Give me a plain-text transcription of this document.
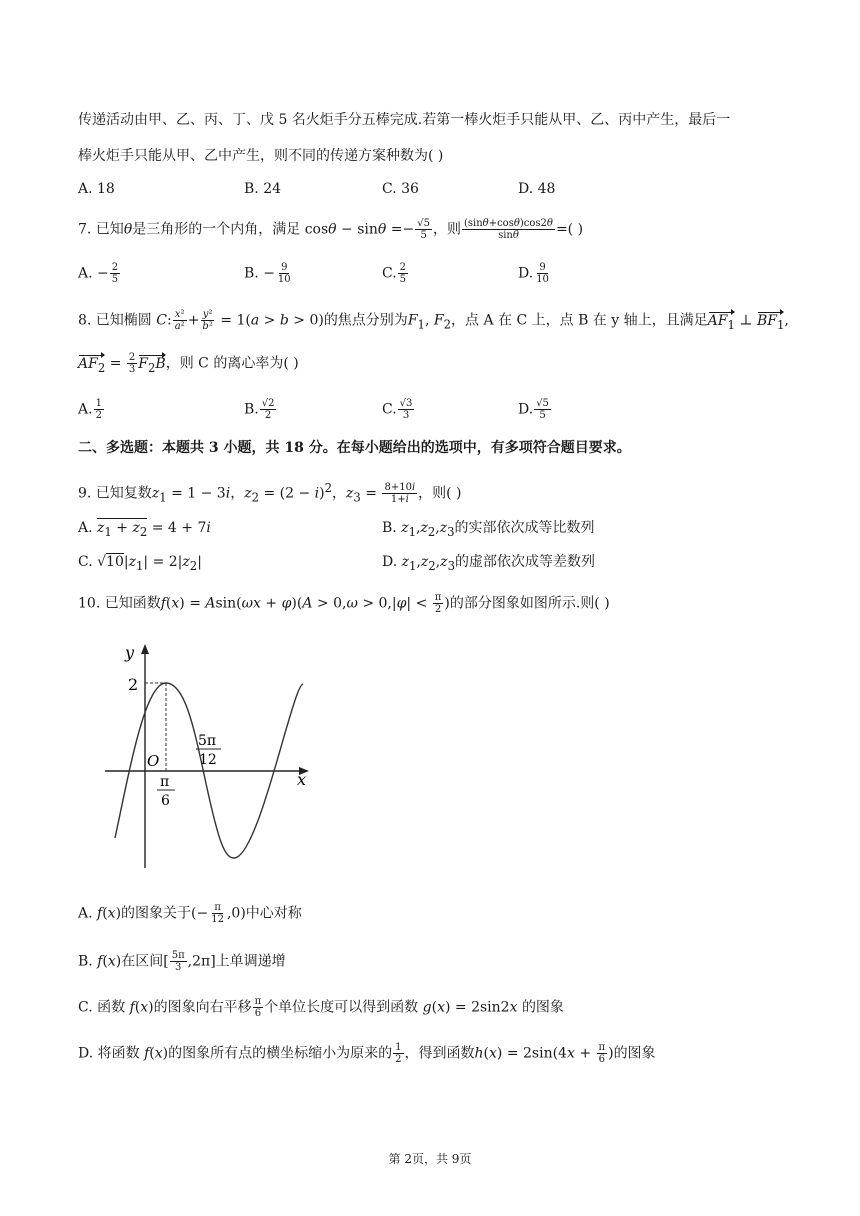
传递活动由甲、乙、丙、丁、戊 5 名火炬手分五棒完成.若第一棒火炬手只能从甲、乙、丙中产生，最后一
棒火炬手只能从甲、乙中产生，则不同的传递方案种数为( )
A. 18	B. 24	C. 36	D. 48
7. 已知θ是三角形的一个内角，满足 $\cos\theta - \sin\theta =- \frac{√5}{5}$ ，则 $\frac{(\sin\theta+\cos\theta)\cos 2\theta}{\sin\theta}$ =( )
A. − $\frac{2}{5}$	B. − $\frac{9}{10}$	C. $\frac{2}{5}$	D. $\frac{9}{10}$
8. 已知椭圆 C: $\frac{\text{x²}}{\text{a²}} + \frac{\text{y²}}{\text{b²}} = 1(a > b > 0)$的焦点分别为$F_1$, $F_2$，点 A 在 C 上，点 B 在 y 轴上，且满足$AF_1$ ⊥ $BF_1$,
$AF_2 = \frac{2}{3} F_2B$，则 C 的离心率为( )
A. $\frac{1}{2}$	B. $\frac{√2}{2}$	C. $\frac{√3}{3}$	D. $\frac{√5}{5}$
二、多选题：本题共 3 小题，共 18 分。在每小题给出的选项中，有多项符合题目要求。
9. 已知复数$z_1 = 1 - 3i$，$z_2 = (2 - i)^2$，$z_3 = \frac{8+10i}{1+i}$ ，则( )
A. $z_1 + z_2 = 4 + 7i$	B. $z_1,z_2,z_3$的实部依次成等比数列
C. $√10|z_1| = 2|z_2|$	D. $z_1,z_2,z_3$的虚部依次成等差数列
10. 已知函数$f(x) = Asin(\omega x + \varphi)(A > 0,\omega > 0,|\varphi| < \frac{\pi}{2}$ )的部分图象如图所示.则( )
y
x
O
2
π
6
5π
12
A. f(x)的图象关于(− $\frac{\pi}{12} ,0$)中心对称
B. f(x)在区间[ $\frac{5\pi}{3} ,2\pi$]上单调递增
C. 函数 f(x)的图象向右平移 $\frac{\pi}{6}$ 个单位长度可以得到函数 g(x) = 2sin2x 的图象
D. 将函数 f(x)的图象所有点的横坐标缩小为原来的 $\frac{1}{2}$ ，得到函数$h(x) = 2\sin(4x + \frac{\pi}{6}$ )的图象
第 2页，共 9页
